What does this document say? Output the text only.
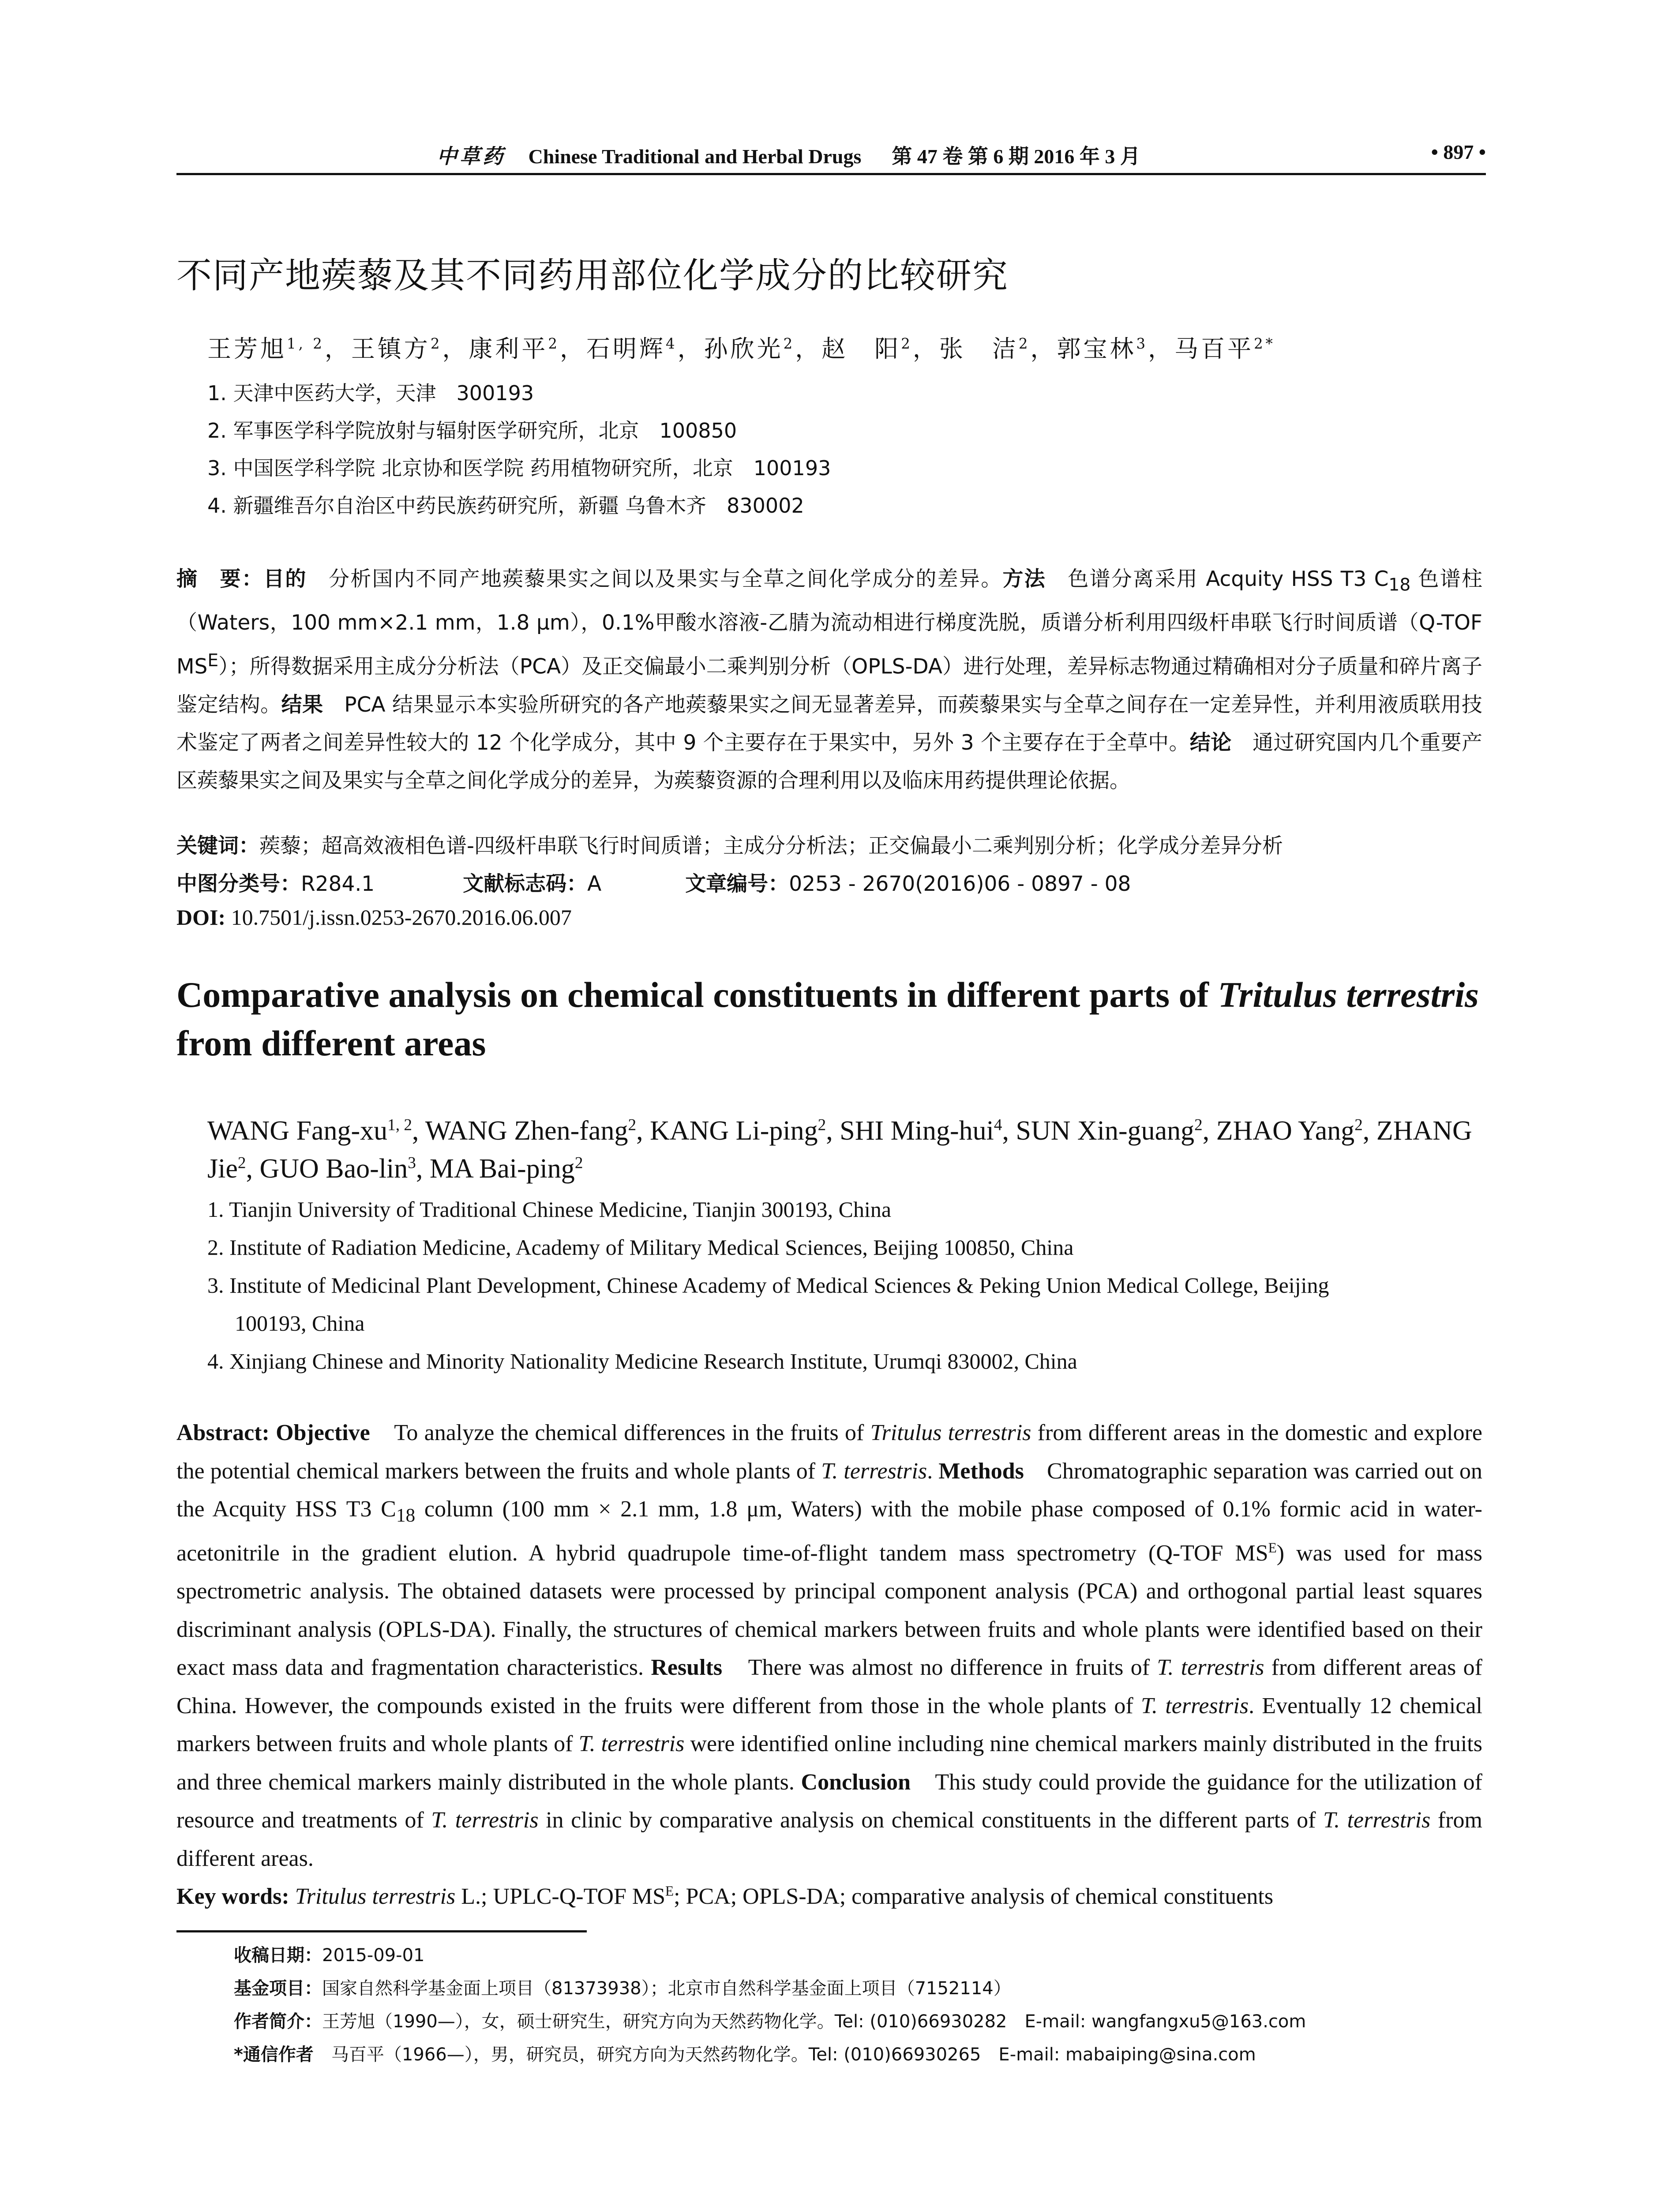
中草药 Chinese Traditional and Herbal Drugs   第 47 卷 第 6 期 2016 年 3 月	• 897 •
不同产地蒺藜及其不同药用部位化学成分的比较研究
王芳旭$^{1, 2}$，王镇方$^2$，康利平$^2$，石明辉$^4$，孙欣光$^2$，赵　阳$^2$，张　洁$^2$，郭宝林$^3$，马百平$^{2*}$
1. 天津中医药大学，天津　300193
2. 军事医学科学院放射与辐射医学研究所，北京　100850
3. 中国医学科学院 北京协和医学院 药用植物研究所，北京　100193
4. 新疆维吾尔自治区中药民族药研究所，新疆 乌鲁木齐　830002
摘　要：目的　分析国内不同产地蒺藜果实之间以及果实与全草之间化学成分的差异。方法　色谱分离采用 Acquity HSS T3 $C_{18}$ 色谱柱（Waters，100 mm×2.1 mm，1.8 μm），0.1%甲酸水溶液-乙腈为流动相进行梯度洗脱，质谱分析利用四级杆串联飞行时间质谱（Q-TOF $MS^E$）；所得数据采用主成分分析法（PCA）及正交偏最小二乘判别分析（OPLS-DA）进行处理，差异标志物通过精确相对分子质量和碎片离子鉴定结构。结果　PCA 结果显示本实验所研究的各产地蒺藜果实之间无显著差异，而蒺藜果实与全草之间存在一定差异性，并利用液质联用技术鉴定了两者之间差异性较大的 12 个化学成分，其中 9 个主要存在于果实中，另外 3 个主要存在于全草中。结论　通过研究国内几个重要产区蒺藜果实之间及果实与全草之间化学成分的差异，为蒺藜资源的合理利用以及临床用药提供理论依据。
关键词：蒺藜；超高效液相色谱-四级杆串联飞行时间质谱；主成分分析法；正交偏最小二乘判别分析；化学成分差异分析
中图分类号：R284.1	文献标志码：A	文章编号：0253 - 2670(2016)06 - 0897 - 08
DOI: 10.7501/j.issn.0253-2670.2016.06.007
Comparative analysis on chemical constituents in different parts of Tritulus terrestris from different areas
WANG Fang-xu$^{1, 2}$, WANG Zhen-fang$^2$, KANG Li-ping$^2$, SHI Ming-hui$^4$, SUN Xin-guang$^2$, ZHAO Yang$^2$, ZHANG Jie$^2$, GUO Bao-lin$^3$, MA Bai-ping$^2$
1. Tianjin University of Traditional Chinese Medicine, Tianjin 300193, China
2. Institute of Radiation Medicine, Academy of Military Medical Sciences, Beijing 100850, China
3. Institute of Medicinal Plant Development, Chinese Academy of Medical Sciences & Peking Union Medical College, Beijing
100193, China
4. Xinjiang Chinese and Minority Nationality Medicine Research Institute, Urumqi 830002, China
Abstract: Objective　To analyze the chemical differences in the fruits of Tritulus terrestris from different areas in the domestic and explore the potential chemical markers between the fruits and whole plants of T. terrestris. Methods　Chromatographic separation was carried out on the Acquity HSS T3 $C_{18}$ column (100 mm × 2.1 mm, 1.8 μm, Waters) with the mobile phase composed of 0.1% formic acid in water-acetonitrile in the gradient elution. A hybrid quadrupole time-of-flight tandem mass spectrometry (Q-TOF $MS^E$) was used for mass spectrometric analysis. The obtained datasets were processed by principal component analysis (PCA) and orthogonal partial least squares discriminant analysis (OPLS-DA). Finally, the structures of chemical markers between fruits and whole plants were identified based on their exact mass data and fragmentation characteristics. Results　There was almost no difference in fruits of T. terrestris from different areas of China. However, the compounds existed in the fruits were different from those in the whole plants of T. terrestris. Eventually 12 chemical markers between fruits and whole plants of T. terrestris were identified online including nine chemical markers mainly distributed in the fruits and three chemical markers mainly distributed in the whole plants. Conclusion　This study could provide the guidance for the utilization of resource and treatments of T. terrestris in clinic by comparative analysis on chemical constituents in the different parts of T. terrestris from different areas.
Key words: Tritulus terrestris L.; UPLC-Q-TOF $MS^E$; PCA; OPLS-DA; comparative analysis of chemical constituents
收稿日期：2015-09-01
基金项目：国家自然科学基金面上项目（81373938）；北京市自然科学基金面上项目（7152114）
作者简介：王芳旭（1990—），女，硕士研究生，研究方向为天然药物化学。Tel: (010)66930282　E-mail: wangfangxu5@163.com
*通信作者　马百平（1966—），男，研究员，研究方向为天然药物化学。Tel: (010)66930265　E-mail: mabaiping@sina.com
